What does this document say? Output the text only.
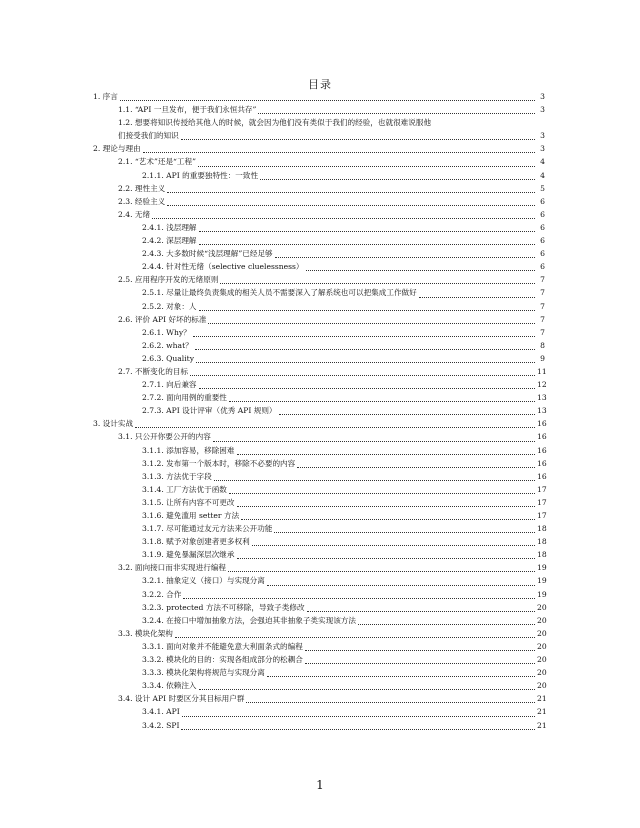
目录
1. 序言	3
1.1. “API 一旦发布，便于我们永恒共存”	3
1.2. 想要将知识传授给其他人的时候，就会因为他们没有类似于我们的经验，也就很难说服他
们接受我们的知识	3
2. 理论与理由	3
2.1. “艺术”还是“工程”	4
2.1.1. API 的重要独特性：一致性	4
2.2. 理性主义	5
2.3. 经验主义	6
2.4. 无绪	6
2.4.1. 浅层理解	6
2.4.2. 深层理解	6
2.4.3. 大多数时候“浅层理解”已经足够	6
2.4.4. 针对性无绪（selective cluelessness）	6
2.5. 应用程序开发的无绪原则	7
2.5.1. 尽量让最终负责集成的相关人员不需要深入了解系统也可以把集成工作做好	7
2.5.2. 对象：人	7
2.6. 评价 API 好坏的标准	7
2.6.1. Why？	7
2.6.2. what？	8
2.6.3. Quality	9
2.7. 不断变化的目标	11
2.7.1. 向后兼容	12
2.7.2. 面向用例的重要性	13
2.7.3. API 设计评审（优秀 API 规则）	13
3. 设计实战	16
3.1. 只公开你要公开的内容	16
3.1.1. 添加容易，移除困难	16
3.1.2. 发布第一个版本时，移除不必要的内容	16
3.1.3. 方法优于字段	16
3.1.4. 工厂方法优于函数	17
3.1.5. 让所有内容不可更改	17
3.1.6. 避免滥用 setter 方法	17
3.1.7. 尽可能通过友元方法来公开功能	18
3.1.8. 赋予对象创建者更多权利	18
3.1.9. 避免暴漏深层次继承	18
3.2. 面向接口而非实现进行编程	19
3.2.1. 抽象定义（接口）与实现分离	19
3.2.2. 合作	19
3.2.3. protected 方法不可移除，导致子类修改	20
3.2.4. 在接口中增加抽象方法，会强迫其非抽象子类实现该方法	20
3.3. 模块化架构	20
3.3.1. 面向对象并不能避免意大利面条式的编程	20
3.3.2. 模块化的目的：实现各组成部分的松耦合	20
3.3.3. 模块化架构将规范与实现分离	20
3.3.4. 依赖注入	20
3.4. 设计 API 时要区分其目标用户群	21
3.4.1. API	21
3.4.2. SPI	21
1
